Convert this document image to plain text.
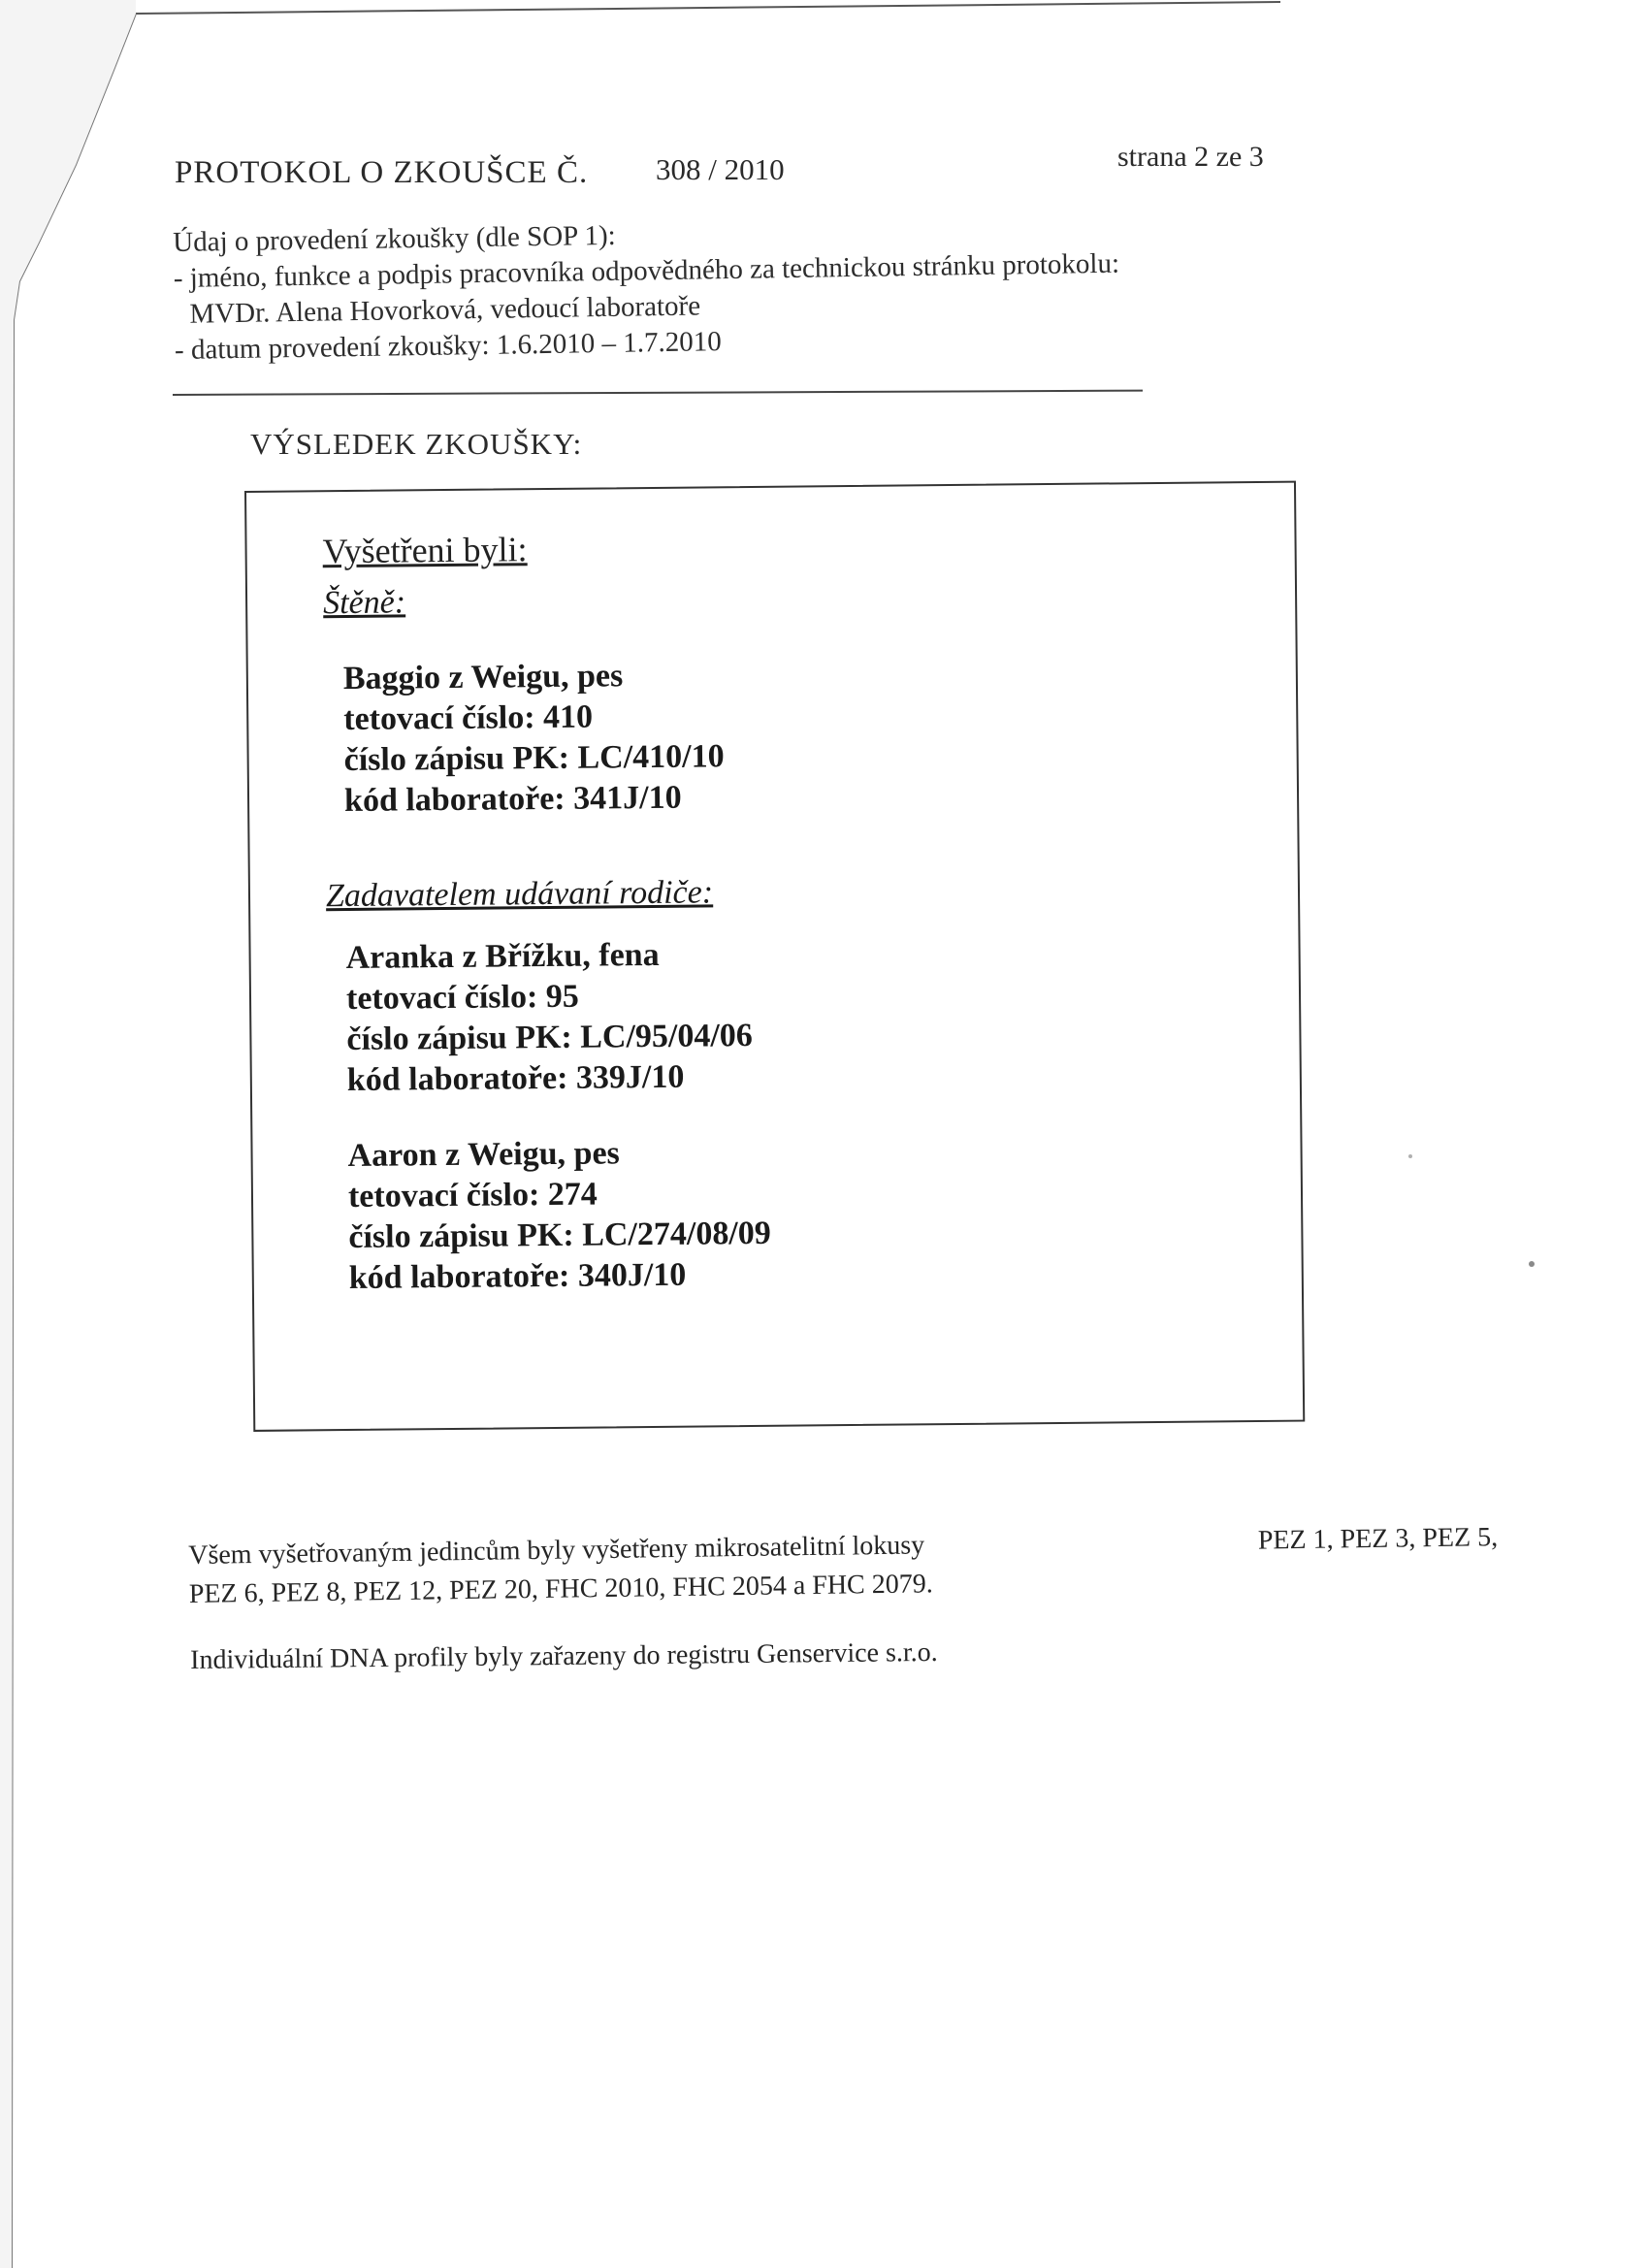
PROTOKOL O ZKOUŠCE Č. 308 / 2010	strana 2 ze 3
Údaj o provedení zkoušky (dle SOP 1):
- jméno, funkce a podpis pracovníka odpovědného za technickou stránku protokolu:
MVDr. Alena Hovorková, vedoucí laboratoře
- datum provedení zkoušky: 1.6.2010 – 1.7.2010
VÝSLEDEK ZKOUŠKY:
Vyšetřeni byli:
Štěně:
Baggio z Weigu, pes
tetovací číslo: 410
číslo zápisu PK: LC/410/10
kód laboratoře: 341J/10
Zadavatelem udávaní rodiče:
Aranka z Břížku, fena
tetovací číslo: 95
číslo zápisu PK: LC/95/04/06
kód laboratoře: 339J/10
Aaron z Weigu, pes
tetovací číslo: 274
číslo zápisu PK: LC/274/08/09
kód laboratoře: 340J/10
Všem vyšetřovaným jedincům byly vyšetřeny mikrosatelitní lokusy	PEZ 1, PEZ 3, PEZ 5,
PEZ 6, PEZ 8, PEZ 12, PEZ 20, FHC 2010, FHC 2054 a FHC 2079.
Individuální DNA profily byly zařazeny do registru Genservice s.r.o.
